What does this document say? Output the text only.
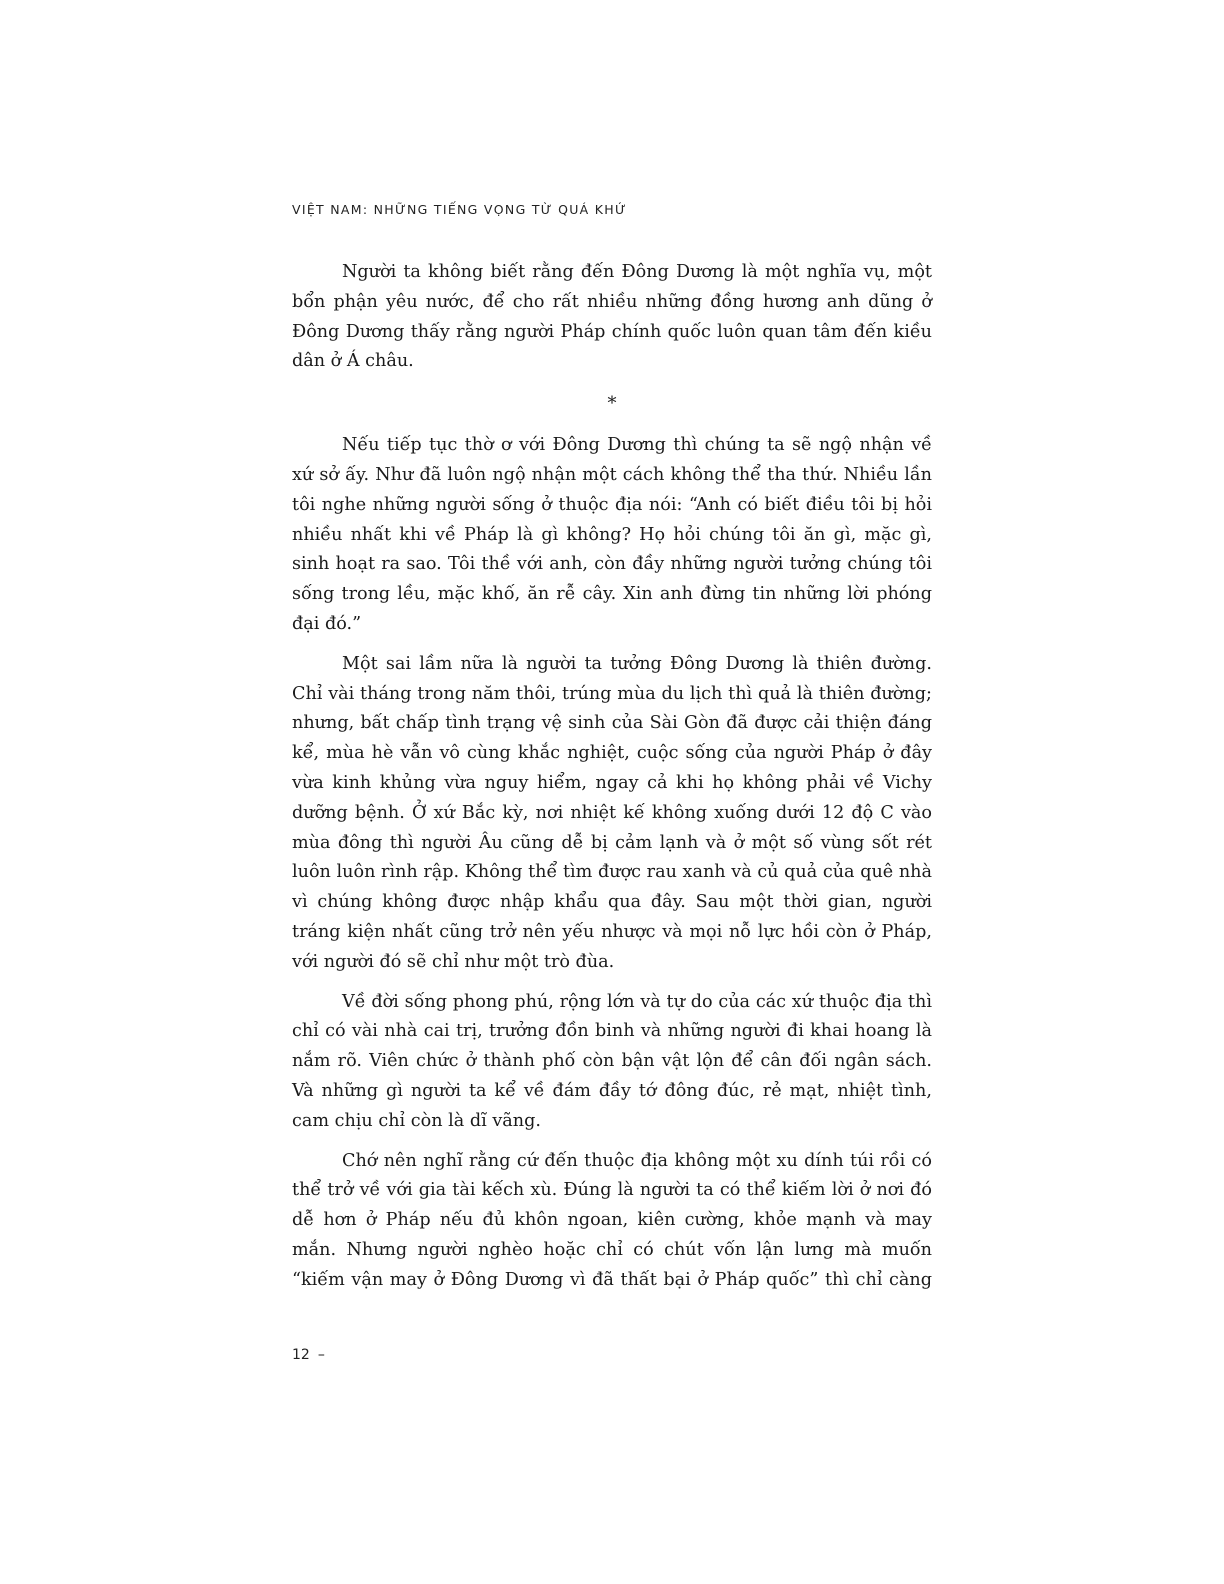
VIỆT NAM: NHỮNG TIẾNG VỌNG TỪ QUÁ KHỨ

Người ta không biết rằng đến Đông Dương là một nghĩa vụ, một bổn phận yêu nước, để cho rất nhiều những đồng hương anh dũng ở Đông Dương thấy rằng người Pháp chính quốc luôn quan tâm đến kiều dân ở Á châu.

*

Nếu tiếp tục thờ ơ với Đông Dương thì chúng ta sẽ ngộ nhận về xứ sở ấy. Như đã luôn ngộ nhận một cách không thể tha thứ. Nhiều lần tôi nghe những người sống ở thuộc địa nói: “Anh có biết điều tôi bị hỏi nhiều nhất khi về Pháp là gì không? Họ hỏi chúng tôi ăn gì, mặc gì, sinh hoạt ra sao. Tôi thề với anh, còn đầy những người tưởng chúng tôi sống trong lều, mặc khố, ăn rễ cây. Xin anh đừng tin những lời phóng đại đó.”

Một sai lầm nữa là người ta tưởng Đông Dương là thiên đường. Chỉ vài tháng trong năm thôi, trúng mùa du lịch thì quả là thiên đường; nhưng, bất chấp tình trạng vệ sinh của Sài Gòn đã được cải thiện đáng kể, mùa hè vẫn vô cùng khắc nghiệt, cuộc sống của người Pháp ở đây vừa kinh khủng vừa nguy hiểm, ngay cả khi họ không phải về Vichy dưỡng bệnh. Ở xứ Bắc kỳ, nơi nhiệt kế không xuống dưới 12 độ C vào mùa đông thì người Âu cũng dễ bị cảm lạnh và ở một số vùng sốt rét luôn luôn rình rập. Không thể tìm được rau xanh và củ quả của quê nhà vì chúng không được nhập khẩu qua đây. Sau một thời gian, người tráng kiện nhất cũng trở nên yếu nhược và mọi nỗ lực hồi còn ở Pháp, với người đó sẽ chỉ như một trò đùa.

Về đời sống phong phú, rộng lớn và tự do của các xứ thuộc địa thì chỉ có vài nhà cai trị, trưởng đồn binh và những người đi khai hoang là nắm rõ. Viên chức ở thành phố còn bận vật lộn để cân đối ngân sách. Và những gì người ta kể về đám đầy tớ đông đúc, rẻ mạt, nhiệt tình, cam chịu chỉ còn là dĩ vãng.

Chớ nên nghĩ rằng cứ đến thuộc địa không một xu dính túi rồi có thể trở về với gia tài kếch xù. Đúng là người ta có thể kiếm lời ở nơi đó dễ hơn ở Pháp nếu đủ khôn ngoan, kiên cường, khỏe mạnh và may mắn. Nhưng người nghèo hoặc chỉ có chút vốn lận lưng mà muốn “kiếm vận may ở Đông Dương vì đã thất bại ở Pháp quốc” thì chỉ càng

12 –
